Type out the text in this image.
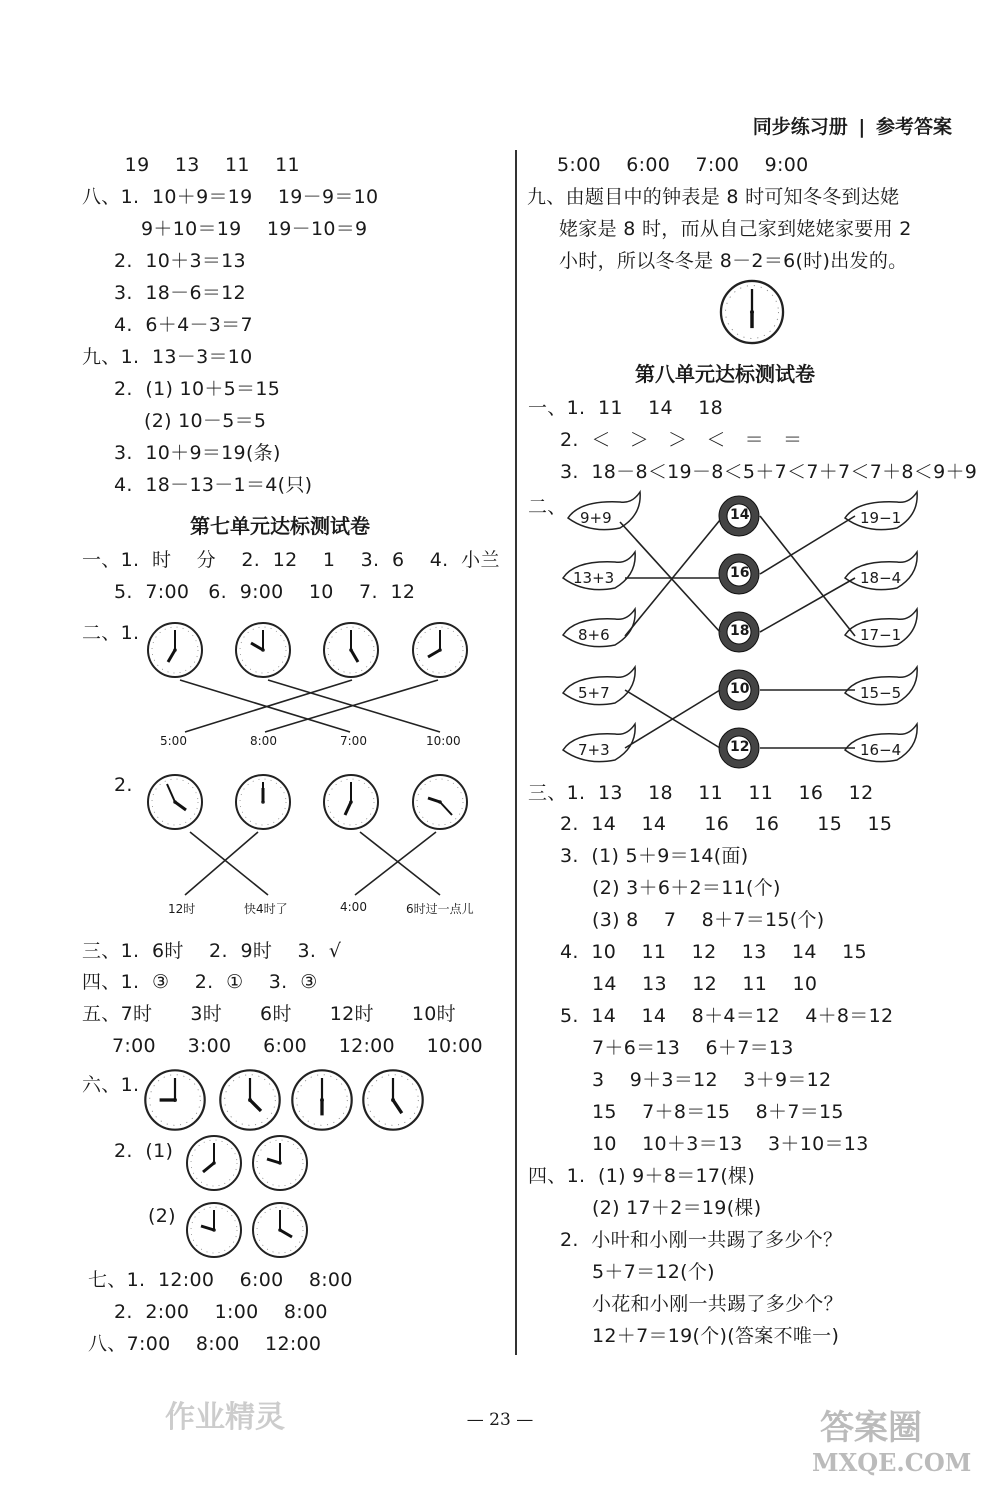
同步练习册 | 参考答案
19    13    11    11
八、1.  10＋9＝19    19－9＝10
9＋10＝19    19－10＝9
2.  10＋3＝13
3.  18－6＝12
4.  6＋4－3＝7
九、1.  13－3＝10
2.  (1) 10＋5＝15
(2) 10－5＝5
3.  10＋9＝19(条)
4.  18－13－1＝4(只)
一、1.  时    分    2.  12    1    3.  6    4.  小兰
5.  7:00   6.  9:00    10    7.  12
二、1.
2.
三、1.  6时    2.  9时    3.  √
四、1.  ③    2.  ①    3.  ③
五、7时      3时      6时      12时      10时
7:00     3:00     6:00     12:00     10:00
六、1.
2.  (1)
(2)
七、1.  12:00    6:00    8:00
2.  2:00    1:00    8:00
八、7:00    8:00    12:00
第七单元达标测试卷
5:00    6:00    7:00    9:00
九、由题目中的钟表是 8 时可知冬冬到达姥
姥家是 8 时，而从自己家到姥姥家要用 2
小时，所以冬冬是 8－2＝6(时)出发的。
一、1.  11    14    18
2.  ＜   ＞   ＞   ＜   ＝   ＝
3.  18－8＜19－8＜5＋7＜7＋7＜7＋8＜9＋9
二、
三、1.  13    18    11    11    16    12
2.  14    14      16    16      15    15
3.  (1) 5＋9＝14(面)
(2) 3＋6＋2＝11(个)
(3) 8    7    8＋7＝15(个)
4.  10    11    12    13    14    15
14    13    12    11    10
5.  14    14    8＋4＝12    4＋8＝12
7＋6＝13    6＋7＝13
3    9＋3＝12    3＋9＝12
15    7＋8＝15    8＋7＝15
10    10＋3＝13    3＋10＝13
四、1.  (1) 9＋8＝17(棵)
(2) 17＋2＝19(棵)
2.  小叶和小刚一共踢了多少个？
5＋7＝12(个)
小花和小刚一共踢了多少个？
12＋7＝19(个)(答案不唯一)
第八单元达标测试卷
5:00	8:00	7:00	10:00
12时	快4时了	4:00	6时过一点儿
9+9
13+3
8+6
5+7
7+3
14
16
18
10
12
19−1
18−4
17−1
15−5
16−4
作业精灵	答案圈
MXQE.COM
— 23 —
